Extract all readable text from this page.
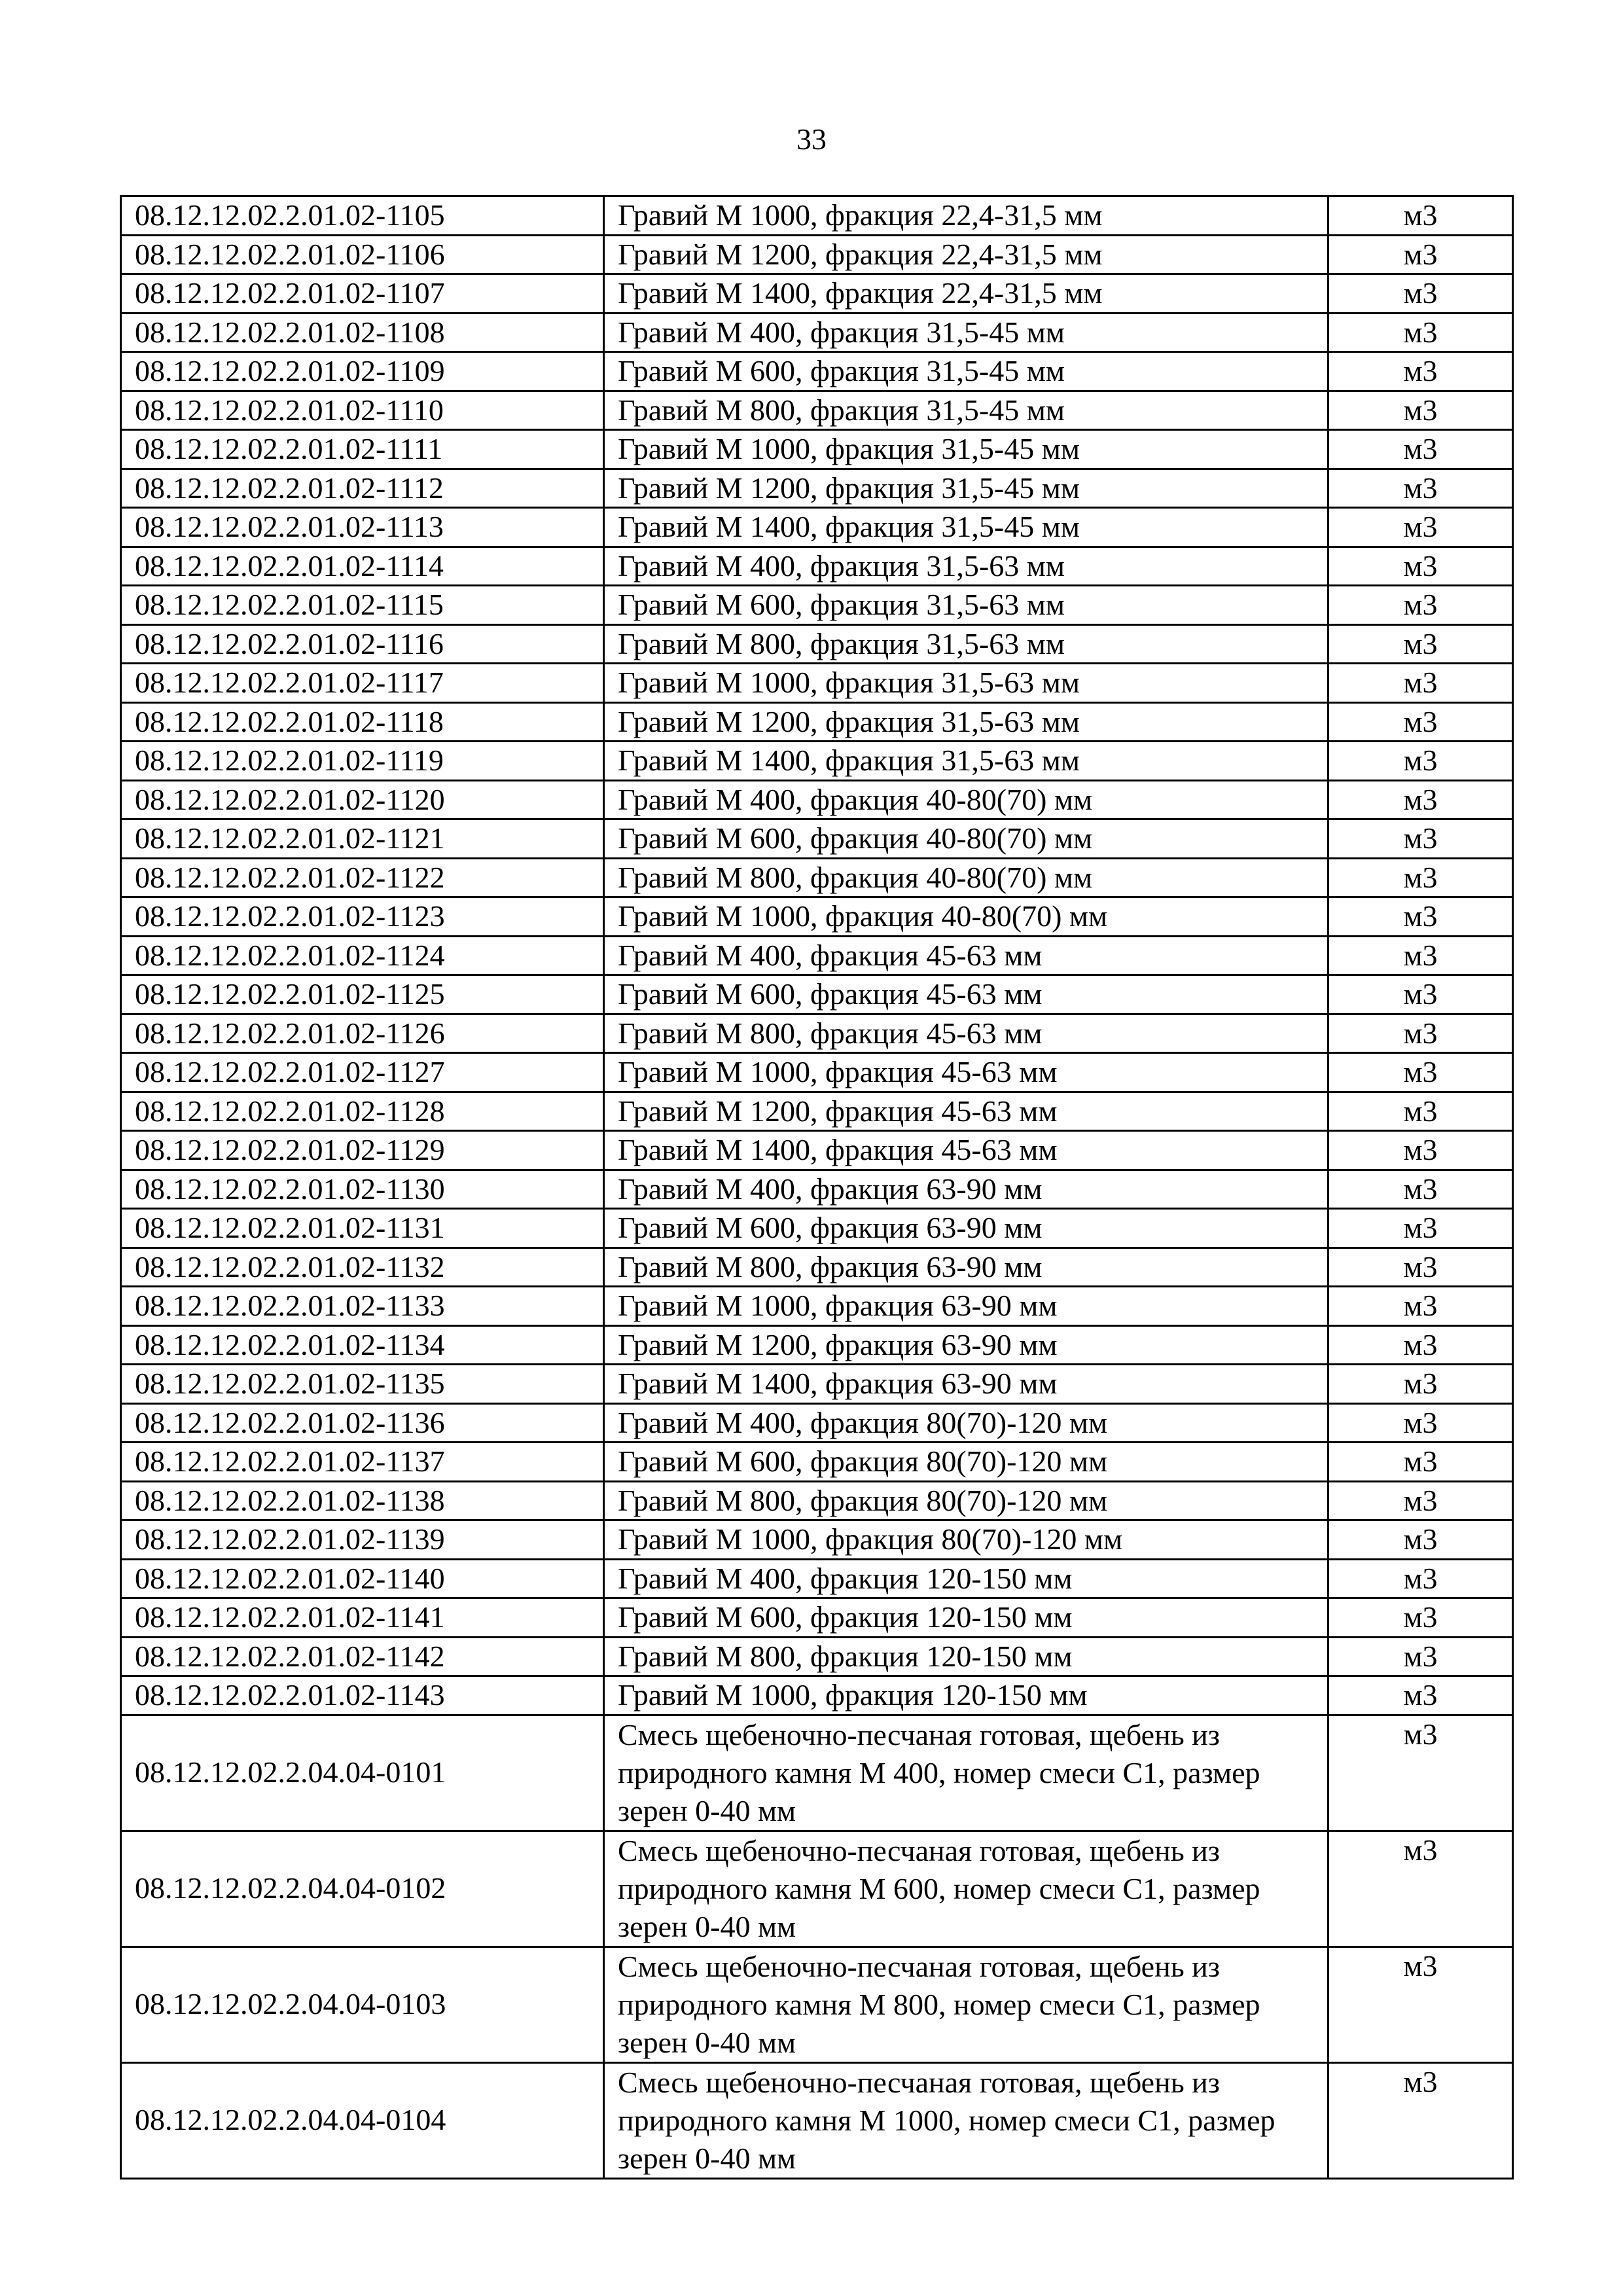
33
08.12.12.02.2.01.02-1105	Гравий М 1000, фракция 22,4-31,5 мм	м3
08.12.12.02.2.01.02-1106	Гравий М 1200, фракция 22,4-31,5 мм	м3
08.12.12.02.2.01.02-1107	Гравий М 1400, фракция 22,4-31,5 мм	м3
08.12.12.02.2.01.02-1108	Гравий М 400, фракция 31,5-45 мм	м3
08.12.12.02.2.01.02-1109	Гравий М 600, фракция 31,5-45 мм	м3
08.12.12.02.2.01.02-1110	Гравий М 800, фракция 31,5-45 мм	м3
08.12.12.02.2.01.02-1111	Гравий М 1000, фракция 31,5-45 мм	м3
08.12.12.02.2.01.02-1112	Гравий М 1200, фракция 31,5-45 мм	м3
08.12.12.02.2.01.02-1113	Гравий М 1400, фракция 31,5-45 мм	м3
08.12.12.02.2.01.02-1114	Гравий М 400, фракция 31,5-63 мм	м3
08.12.12.02.2.01.02-1115	Гравий М 600, фракция 31,5-63 мм	м3
08.12.12.02.2.01.02-1116	Гравий М 800, фракция 31,5-63 мм	м3
08.12.12.02.2.01.02-1117	Гравий М 1000, фракция 31,5-63 мм	м3
08.12.12.02.2.01.02-1118	Гравий М 1200, фракция 31,5-63 мм	м3
08.12.12.02.2.01.02-1119	Гравий М 1400, фракция 31,5-63 мм	м3
08.12.12.02.2.01.02-1120	Гравий М 400, фракция 40-80(70) мм	м3
08.12.12.02.2.01.02-1121	Гравий М 600, фракция 40-80(70) мм	м3
08.12.12.02.2.01.02-1122	Гравий М 800, фракция 40-80(70) мм	м3
08.12.12.02.2.01.02-1123	Гравий М 1000, фракция 40-80(70) мм	м3
08.12.12.02.2.01.02-1124	Гравий М 400, фракция 45-63 мм	м3
08.12.12.02.2.01.02-1125	Гравий М 600, фракция 45-63 мм	м3
08.12.12.02.2.01.02-1126	Гравий М 800, фракция 45-63 мм	м3
08.12.12.02.2.01.02-1127	Гравий М 1000, фракция 45-63 мм	м3
08.12.12.02.2.01.02-1128	Гравий М 1200, фракция 45-63 мм	м3
08.12.12.02.2.01.02-1129	Гравий М 1400, фракция 45-63 мм	м3
08.12.12.02.2.01.02-1130	Гравий М 400, фракция 63-90 мм	м3
08.12.12.02.2.01.02-1131	Гравий М 600, фракция 63-90 мм	м3
08.12.12.02.2.01.02-1132	Гравий М 800, фракция 63-90 мм	м3
08.12.12.02.2.01.02-1133	Гравий М 1000, фракция 63-90 мм	м3
08.12.12.02.2.01.02-1134	Гравий М 1200, фракция 63-90 мм	м3
08.12.12.02.2.01.02-1135	Гравий М 1400, фракция 63-90 мм	м3
08.12.12.02.2.01.02-1136	Гравий М 400, фракция 80(70)-120 мм	м3
08.12.12.02.2.01.02-1137	Гравий М 600, фракция 80(70)-120 мм	м3
08.12.12.02.2.01.02-1138	Гравий М 800, фракция 80(70)-120 мм	м3
08.12.12.02.2.01.02-1139	Гравий М 1000, фракция 80(70)-120 мм	м3
08.12.12.02.2.01.02-1140	Гравий М 400, фракция 120-150 мм	м3
08.12.12.02.2.01.02-1141	Гравий М 600, фракция 120-150 мм	м3
08.12.12.02.2.01.02-1142	Гравий М 800, фракция 120-150 мм	м3
08.12.12.02.2.01.02-1143	Гравий М 1000, фракция 120-150 мм	м3
08.12.12.02.2.04.04-0101	Смесь щебеночно-песчаная готовая, щебень из природного камня М 400, номер смеси С1, размер зерен 0-40 мм	м3
08.12.12.02.2.04.04-0102	Смесь щебеночно-песчаная готовая, щебень из природного камня М 600, номер смеси С1, размер зерен 0-40 мм	м3
08.12.12.02.2.04.04-0103	Смесь щебеночно-песчаная готовая, щебень из природного камня М 800, номер смеси С1, размер зерен 0-40 мм	м3
08.12.12.02.2.04.04-0104	Смесь щебеночно-песчаная готовая, щебень из природного камня М 1000, номер смеси С1, размер зерен 0-40 мм	м3
